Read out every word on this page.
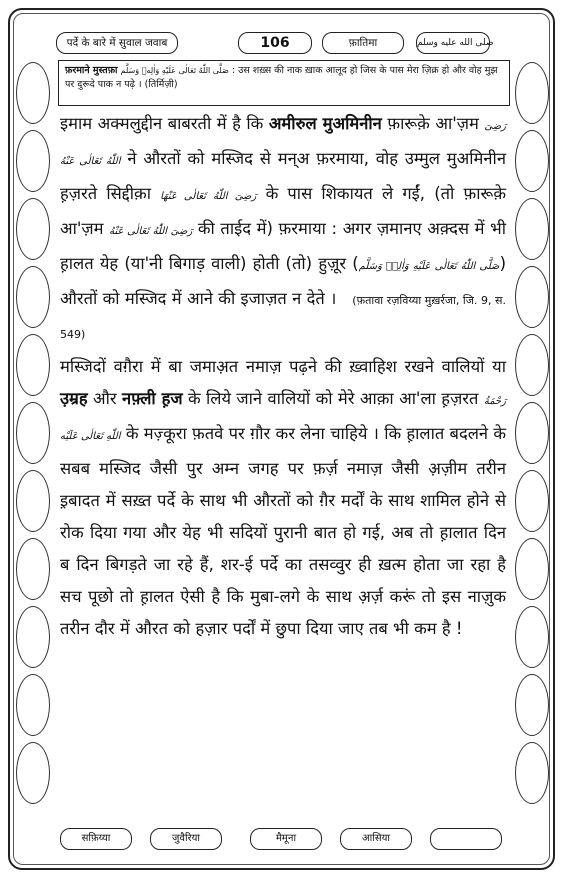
पर्दे के बारे में सुवाल जवाब	106	फ़ातिमा	صلى الله عليه وسلم
फ़रमाने मुस्तफ़ा صَلَّى اللّٰهُ تَعَالٰى عَلَيْهِ وَاٰلِهٖ وَسَلَّم : उस शख़्स की नाक ख़ाक आलूद हो जिस के पास मेरा ज़िक्र हो और वोह मुझ पर दुरूदे पाक न पढ़े । (तिर्मिज़ी)

इमाम अक्मलुद्दीन बाबरती में है कि अमीरुल मुअमिनीन फ़ारूक़े आ'ज़म رَضِیَ اللّٰهُ تَعَالٰی عَنْهُ ने औरतों को मस्जिद से मन्अ फ़रमाया, वोह उम्मुल मुअमिनीन ह़ज़रते सिद्दीक़ा رَضِیَ اللّٰهُ تَعَالٰی عَنْهَا के पास शिकायत ले गईं, (तो फ़ारूक़े आ'ज़म رَضِیَ اللّٰهُ تَعَالٰی عَنْهُ की ताईद में) फ़रमाया : अगर ज़मानए अक़्दस में भी ह़ालत येह (या'नी बिगाड़ वाली) होती (तो) हुज़ूर (صَلَّى اللّٰهُ تَعَالٰى عَلَيْهِ وَاٰلِهٖ وَسَلَّم) औरतों को मस्जिद में आने की इजाज़त न देते । (फ़तावा रज़विय्या मुख़र्रजा, जि. 9, स. 549)

मस्जिदों वग़ैरा में बा जमाअ़त नमाज़ पढ़ने की ख़्वाहिश रखने वालियों या उ़म्रह और नफ़्ली ह़ज के लिये जाने वालियों को मेरे आक़ा आ'ला ह़ज़रत رَحْمَةُ اللّٰهِ تَعَالٰی عَلَیْه के मज़्कूरा फ़तवे पर ग़ौर कर लेना चाहिये । कि ह़ालात बदलने के सबब मस्जिद जैसी पुर अम्न जगह पर फ़र्ज़ नमाज़ जैसी अ़ज़ीम तरीन इ़बादत में सख़्त पर्दे के साथ भी औरतों को ग़ैर मर्दों के साथ शामिल होने से रोक दिया गया और येह भी सदियों पुरानी बात हो गई, अब तो ह़ालात दिन ब दिन बिगड़ते जा रहे हैं, शर-ई पर्दे का तसव्वुर ही ख़त्म होता जा रहा है सच पूछो तो ह़ालत ऐसी है कि मुबा-लगे के साथ अ़र्ज़ करूं तो इस नाज़ुक तरीन दौर में औरत को हज़ार पर्दों में छुपा दिया जाए तब भी कम है !

सफ़िय्या	जुवैरिया	मैमूना	आसिया
